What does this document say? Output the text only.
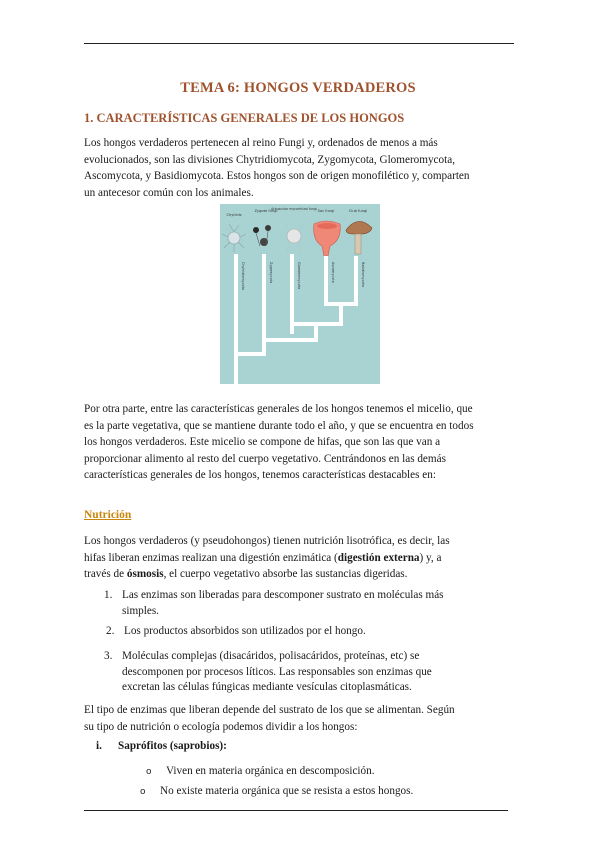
TEMA 6: HONGOS VERDADEROS
1. CARACTERÍSTICAS GENERALES DE LOS HONGOS
Los hongos verdaderos pertenecen al reino Fungi y, ordenados de menos a más
evolucionados, son las divisiones Chytridiomycota, Zygomycota, Glomeromycota,
Ascomycota, y Basidiomycota. Estos hongos son de origen monofilético y, comparten
un antecesor común con los animales.
Chytrids
Zygote fungi
Arbuscular mycorrhizal fungi Sac fungi	Club fungi
Chytridiomycota	Zygomycota	Glomeromycota	Ascomycota	Basidiomycota
Por otra parte, entre las características generales de los hongos tenemos el micelio, que
es la parte vegetativa, que se mantiene durante todo el año, y que se encuentra en todos
los hongos verdaderos. Este micelio se compone de hifas, que son las que van a
proporcionar alimento al resto del cuerpo vegetativo. Centrándonos en las demás
características generales de los hongos, tenemos características destacables en:
Nutrición
Los hongos verdaderos (y pseudohongos) tienen nutrición lisotrófica, es decir, las
hifas liberan enzimas realizan una digestión enzimática (digestión externa) y, a
través de ósmosis, el cuerpo vegetativo absorbe las sustancias digeridas.
1. Las enzimas son liberadas para descomponer sustrato en moléculas más
simples.
2. Los productos absorbidos son utilizados por el hongo.
3. Moléculas complejas (disacáridos, polisacáridos, proteínas, etc) se
descomponen por procesos líticos. Las responsables son enzimas que
excretan las células fúngicas mediante vesículas citoplasmáticas.
El tipo de enzimas que liberan depende del sustrato de los que se alimentan. Según
su tipo de nutrición o ecología podemos dividir a los hongos:
i. Saprófitos (saprobios):
o Viven en materia orgánica en descomposición.
o No existe materia orgánica que se resista a estos hongos.
